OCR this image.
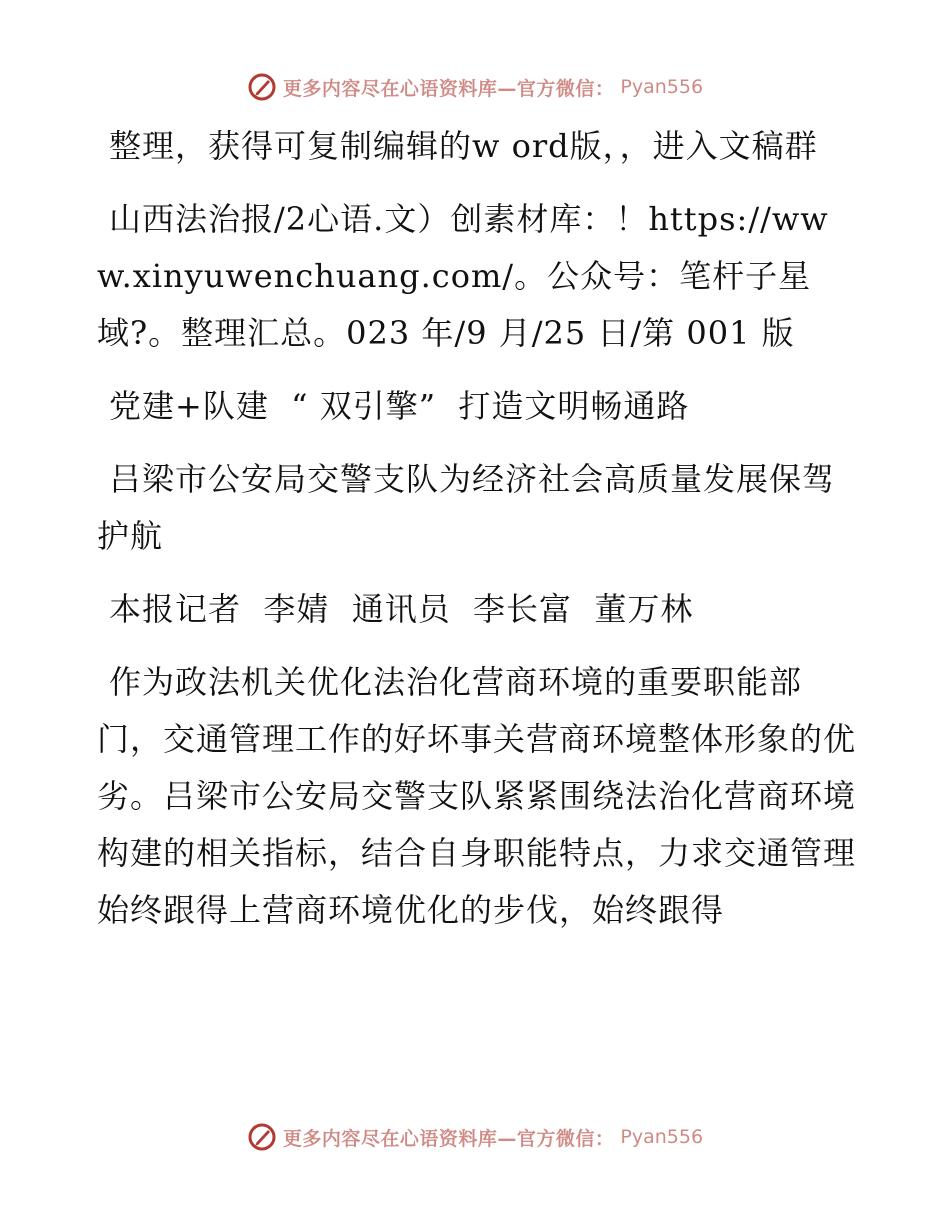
更多内容尽在心语资料库—官方微信： Pyan556

整理，获得可复制编辑的w ord版，，进入文稿群

山西法治报/2心语.文）创素材库：！https://www.xinyuwenchuang.com/。公众号：笔杆子星域?。整理汇总。023 年/9 月/25 日/第 001 版

党建+队建  “ 双引擎”  打造文明畅通路

吕梁市公安局交警支队为经济社会高质量发展保驾护航

本报记者  李婧  通讯员  李长富  董万林

作为政法机关优化法治化营商环境的重要职能部门，交通管理工作的好坏事关营商环境整体形象的优劣。吕梁市公安局交警支队紧紧围绕法治化营商环境构建的相关指标，结合自身职能特点，力求交通管理始终跟得上营商环境优化的步伐，始终跟得

更多内容尽在心语资料库—官方微信： Pyan556
